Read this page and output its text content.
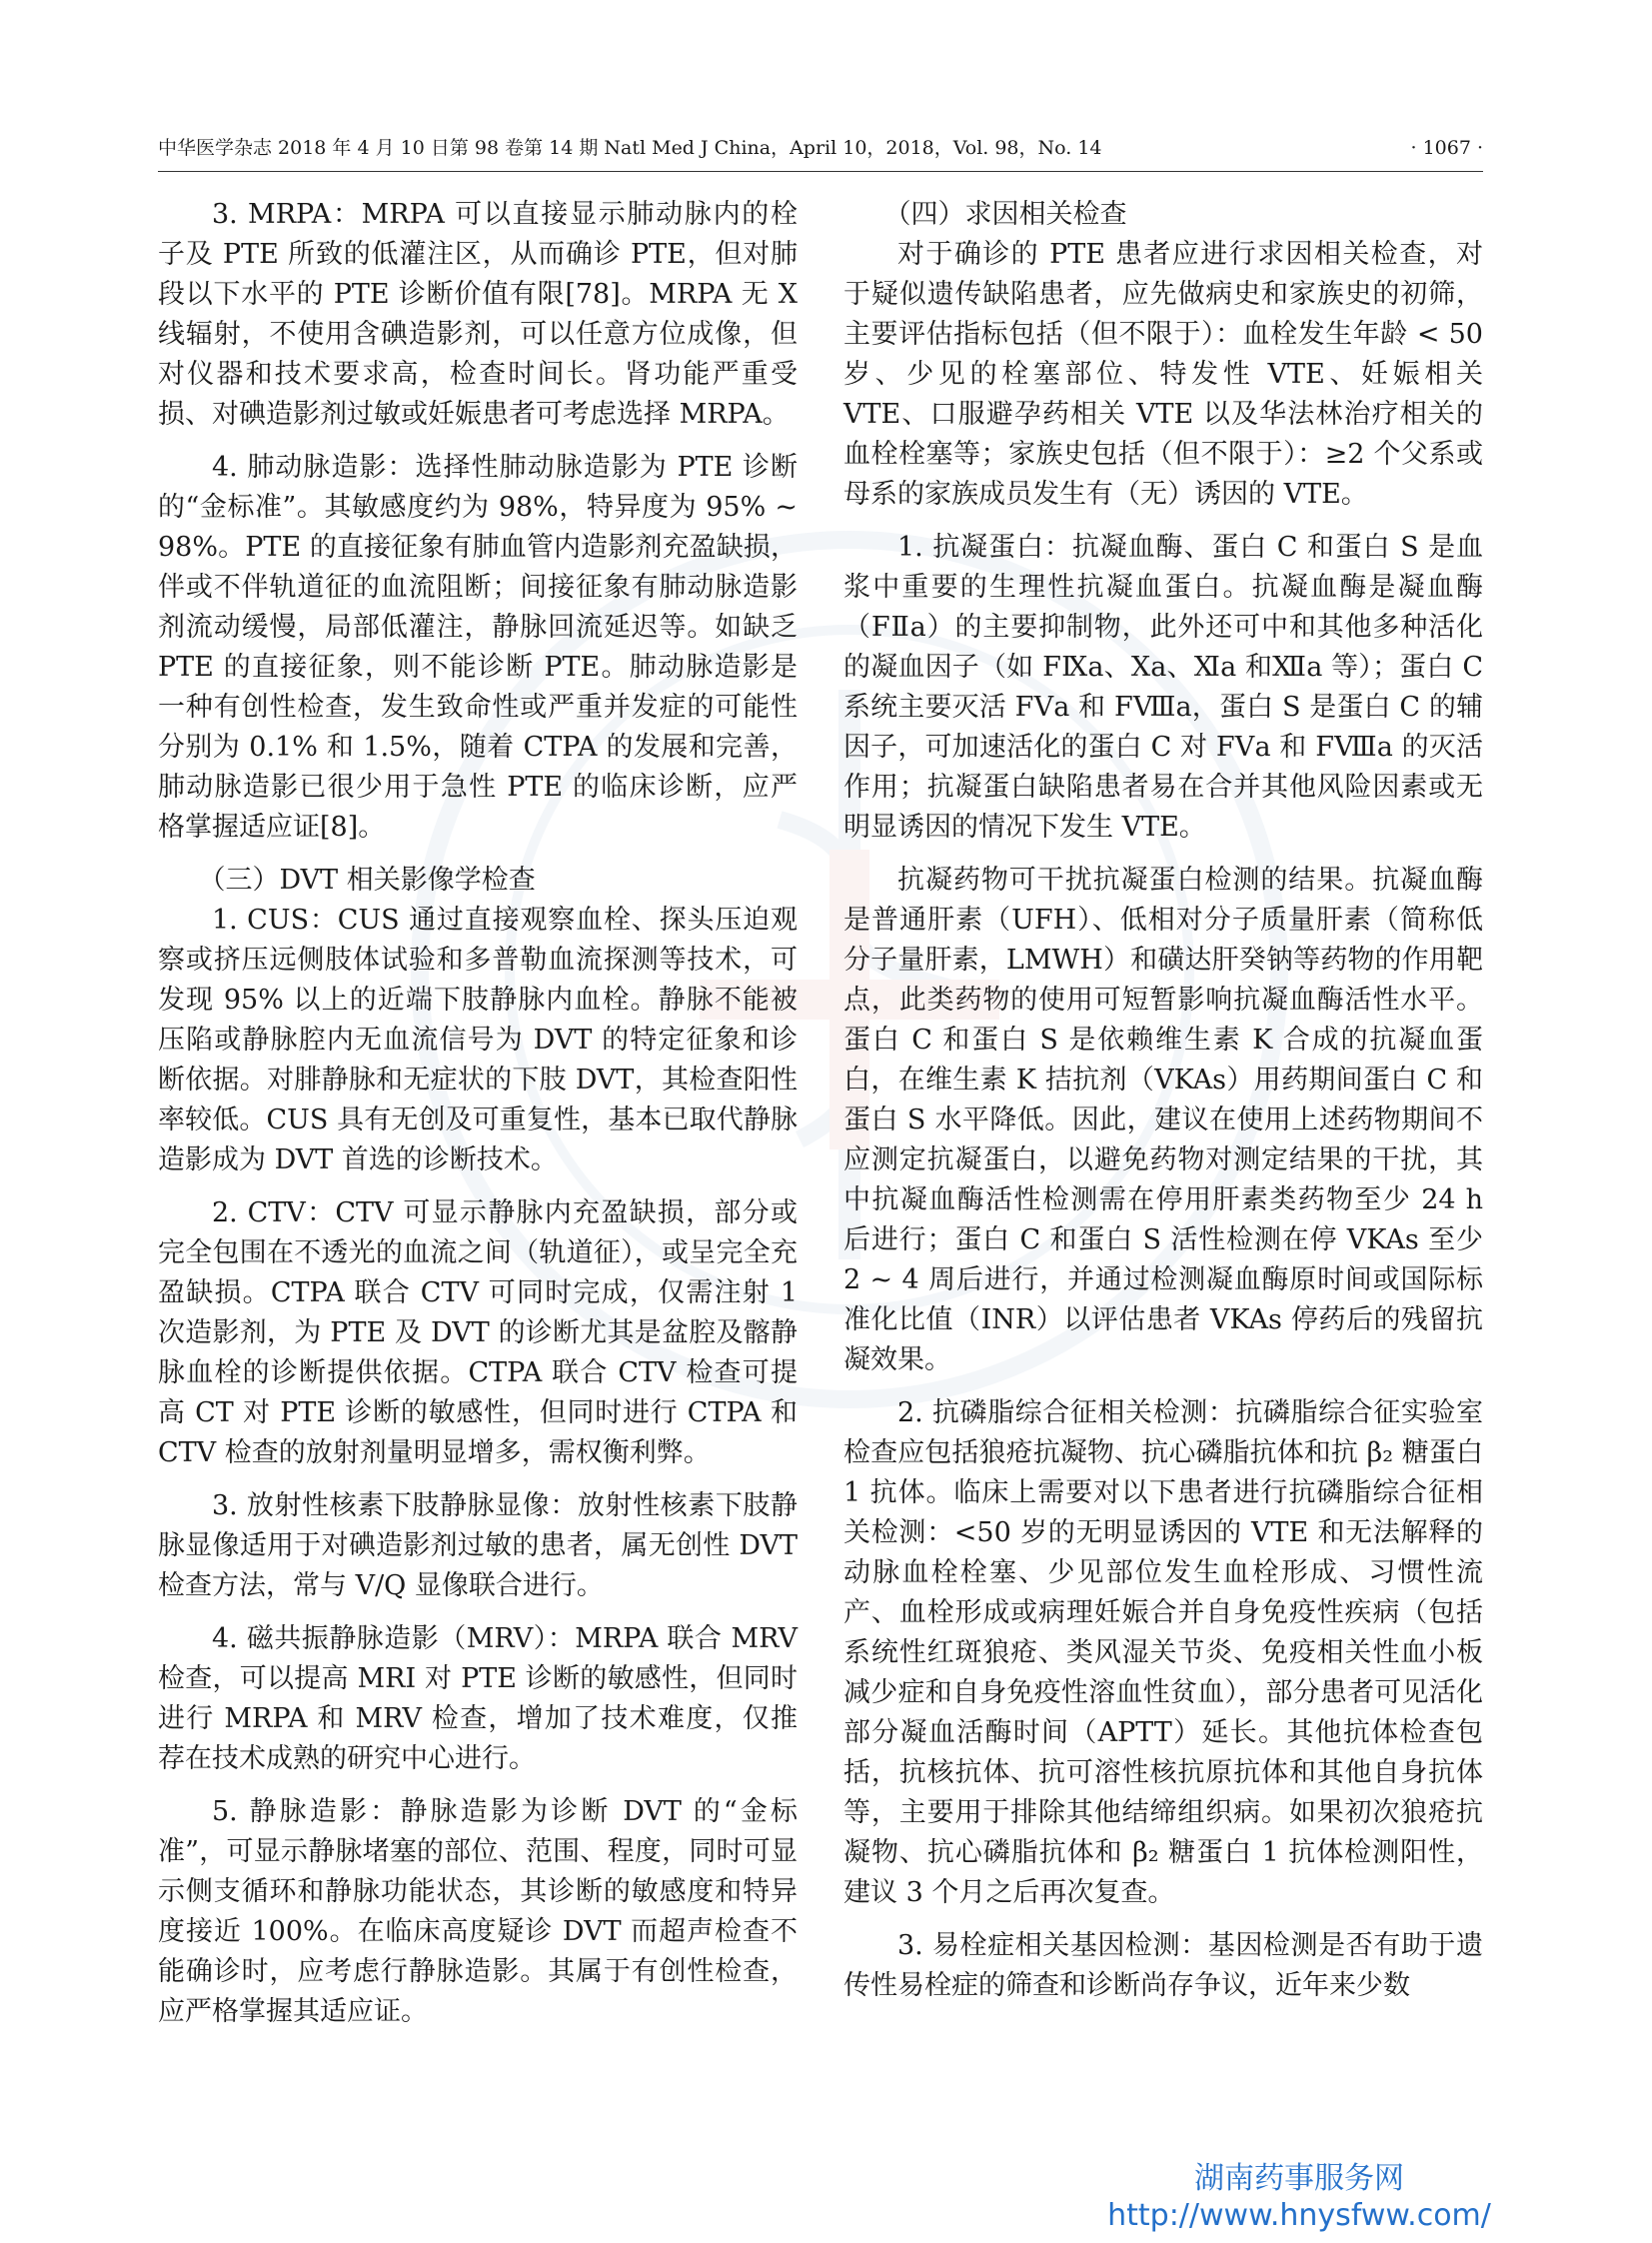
中华医学杂志 2018 年 4 月 10 日第 98 卷第 14 期 Natl Med J China，April 10，2018，Vol. 98，No. 14	· 1067 ·

3. MRPA：MRPA 可以直接显示肺动脉内的栓子及 PTE 所致的低灌注区，从而确诊 PTE，但对肺段以下水平的 PTE 诊断价值有限[78]。MRPA 无 X 线辐射，不使用含碘造影剂，可以任意方位成像，但对仪器和技术要求高，检查时间长。肾功能严重受损、对碘造影剂过敏或妊娠患者可考虑选择 MRPA。

4. 肺动脉造影：选择性肺动脉造影为 PTE 诊断的“金标准”。其敏感度约为 98%，特异度为 95% ~ 98%。PTE 的直接征象有肺血管内造影剂充盈缺损，伴或不伴轨道征的血流阻断；间接征象有肺动脉造影剂流动缓慢，局部低灌注，静脉回流延迟等。如缺乏 PTE 的直接征象，则不能诊断 PTE。肺动脉造影是一种有创性检查，发生致命性或严重并发症的可能性分别为 0.1% 和 1.5%，随着 CTPA 的发展和完善，肺动脉造影已很少用于急性 PTE 的临床诊断，应严格掌握适应证[8]。

（三）DVT 相关影像学检查

1. CUS：CUS 通过直接观察血栓、探头压迫观察或挤压远侧肢体试验和多普勒血流探测等技术，可发现 95% 以上的近端下肢静脉内血栓。静脉不能被压陷或静脉腔内无血流信号为 DVT 的特定征象和诊断依据。对腓静脉和无症状的下肢 DVT，其检查阳性率较低。CUS 具有无创及可重复性，基本已取代静脉造影成为 DVT 首选的诊断技术。

2. CTV：CTV 可显示静脉内充盈缺损，部分或完全包围在不透光的血流之间（轨道征），或呈完全充盈缺损。CTPA 联合 CTV 可同时完成，仅需注射 1 次造影剂，为 PTE 及 DVT 的诊断尤其是盆腔及髂静脉血栓的诊断提供依据。CTPA 联合 CTV 检查可提高 CT 对 PTE 诊断的敏感性，但同时进行 CTPA 和 CTV 检查的放射剂量明显增多，需权衡利弊。

3. 放射性核素下肢静脉显像：放射性核素下肢静脉显像适用于对碘造影剂过敏的患者，属无创性 DVT 检查方法，常与 V/Q 显像联合进行。

4. 磁共振静脉造影（MRV）：MRPA 联合 MRV 检查，可以提高 MRI 对 PTE 诊断的敏感性，但同时进行 MRPA 和 MRV 检查，增加了技术难度，仅推荐在技术成熟的研究中心进行。

5. 静脉造影：静脉造影为诊断 DVT 的“金标准”，可显示静脉堵塞的部位、范围、程度，同时可显示侧支循环和静脉功能状态，其诊断的敏感度和特异度接近 100%。在临床高度疑诊 DVT 而超声检查不能确诊时，应考虑行静脉造影。其属于有创性检查，应严格掌握其适应证。

（四）求因相关检查

对于确诊的 PTE 患者应进行求因相关检查，对于疑似遗传缺陷患者，应先做病史和家族史的初筛，主要评估指标包括（但不限于）：血栓发生年龄 < 50 岁、少见的栓塞部位、特发性 VTE、妊娠相关 VTE、口服避孕药相关 VTE 以及华法林治疗相关的血栓栓塞等；家族史包括（但不限于）：≥2 个父系或母系的家族成员发生有（无）诱因的 VTE。

1. 抗凝蛋白：抗凝血酶、蛋白 C 和蛋白 S 是血浆中重要的生理性抗凝血蛋白。抗凝血酶是凝血酶（FⅡa）的主要抑制物，此外还可中和其他多种活化的凝血因子（如 FⅨa、Ⅹa、Ⅺa 和Ⅻa 等）；蛋白 C 系统主要灭活 FⅤa 和 FⅧa，蛋白 S 是蛋白 C 的辅因子，可加速活化的蛋白 C 对 FⅤa 和 FⅧa 的灭活作用；抗凝蛋白缺陷患者易在合并其他风险因素或无明显诱因的情况下发生 VTE。

抗凝药物可干扰抗凝蛋白检测的结果。抗凝血酶是普通肝素（UFH）、低相对分子质量肝素（简称低分子量肝素，LMWH）和磺达肝癸钠等药物的作用靶点，此类药物的使用可短暂影响抗凝血酶活性水平。蛋白 C 和蛋白 S 是依赖维生素 K 合成的抗凝血蛋白，在维生素 K 拮抗剂（VKAs）用药期间蛋白 C 和蛋白 S 水平降低。因此，建议在使用上述药物期间不应测定抗凝蛋白，以避免药物对测定结果的干扰，其中抗凝血酶活性检测需在停用肝素类药物至少 24 h 后进行；蛋白 C 和蛋白 S 活性检测在停 VKAs 至少 2 ~ 4 周后进行，并通过检测凝血酶原时间或国际标准化比值（INR）以评估患者 VKAs 停药后的残留抗凝效果。

2. 抗磷脂综合征相关检测：抗磷脂综合征实验室检查应包括狼疮抗凝物、抗心磷脂抗体和抗 β₂ 糖蛋白 1 抗体。临床上需要对以下患者进行抗磷脂综合征相关检测：<50 岁的无明显诱因的 VTE 和无法解释的动脉血栓栓塞、少见部位发生血栓形成、习惯性流产、血栓形成或病理妊娠合并自身免疫性疾病（包括系统性红斑狼疮、类风湿关节炎、免疫相关性血小板减少症和自身免疫性溶血性贫血），部分患者可见活化部分凝血活酶时间（APTT）延长。其他抗体检查包括，抗核抗体、抗可溶性核抗原抗体和其他自身抗体等，主要用于排除其他结缔组织病。如果初次狼疮抗凝物、抗心磷脂抗体和 β₂ 糖蛋白 1 抗体检测阳性，建议 3 个月之后再次复查。

3. 易栓症相关基因检测：基因检测是否有助于遗传性易栓症的筛查和诊断尚存争议，近年来少数

湖南药事服务网
http://www.hnysfww.com/
